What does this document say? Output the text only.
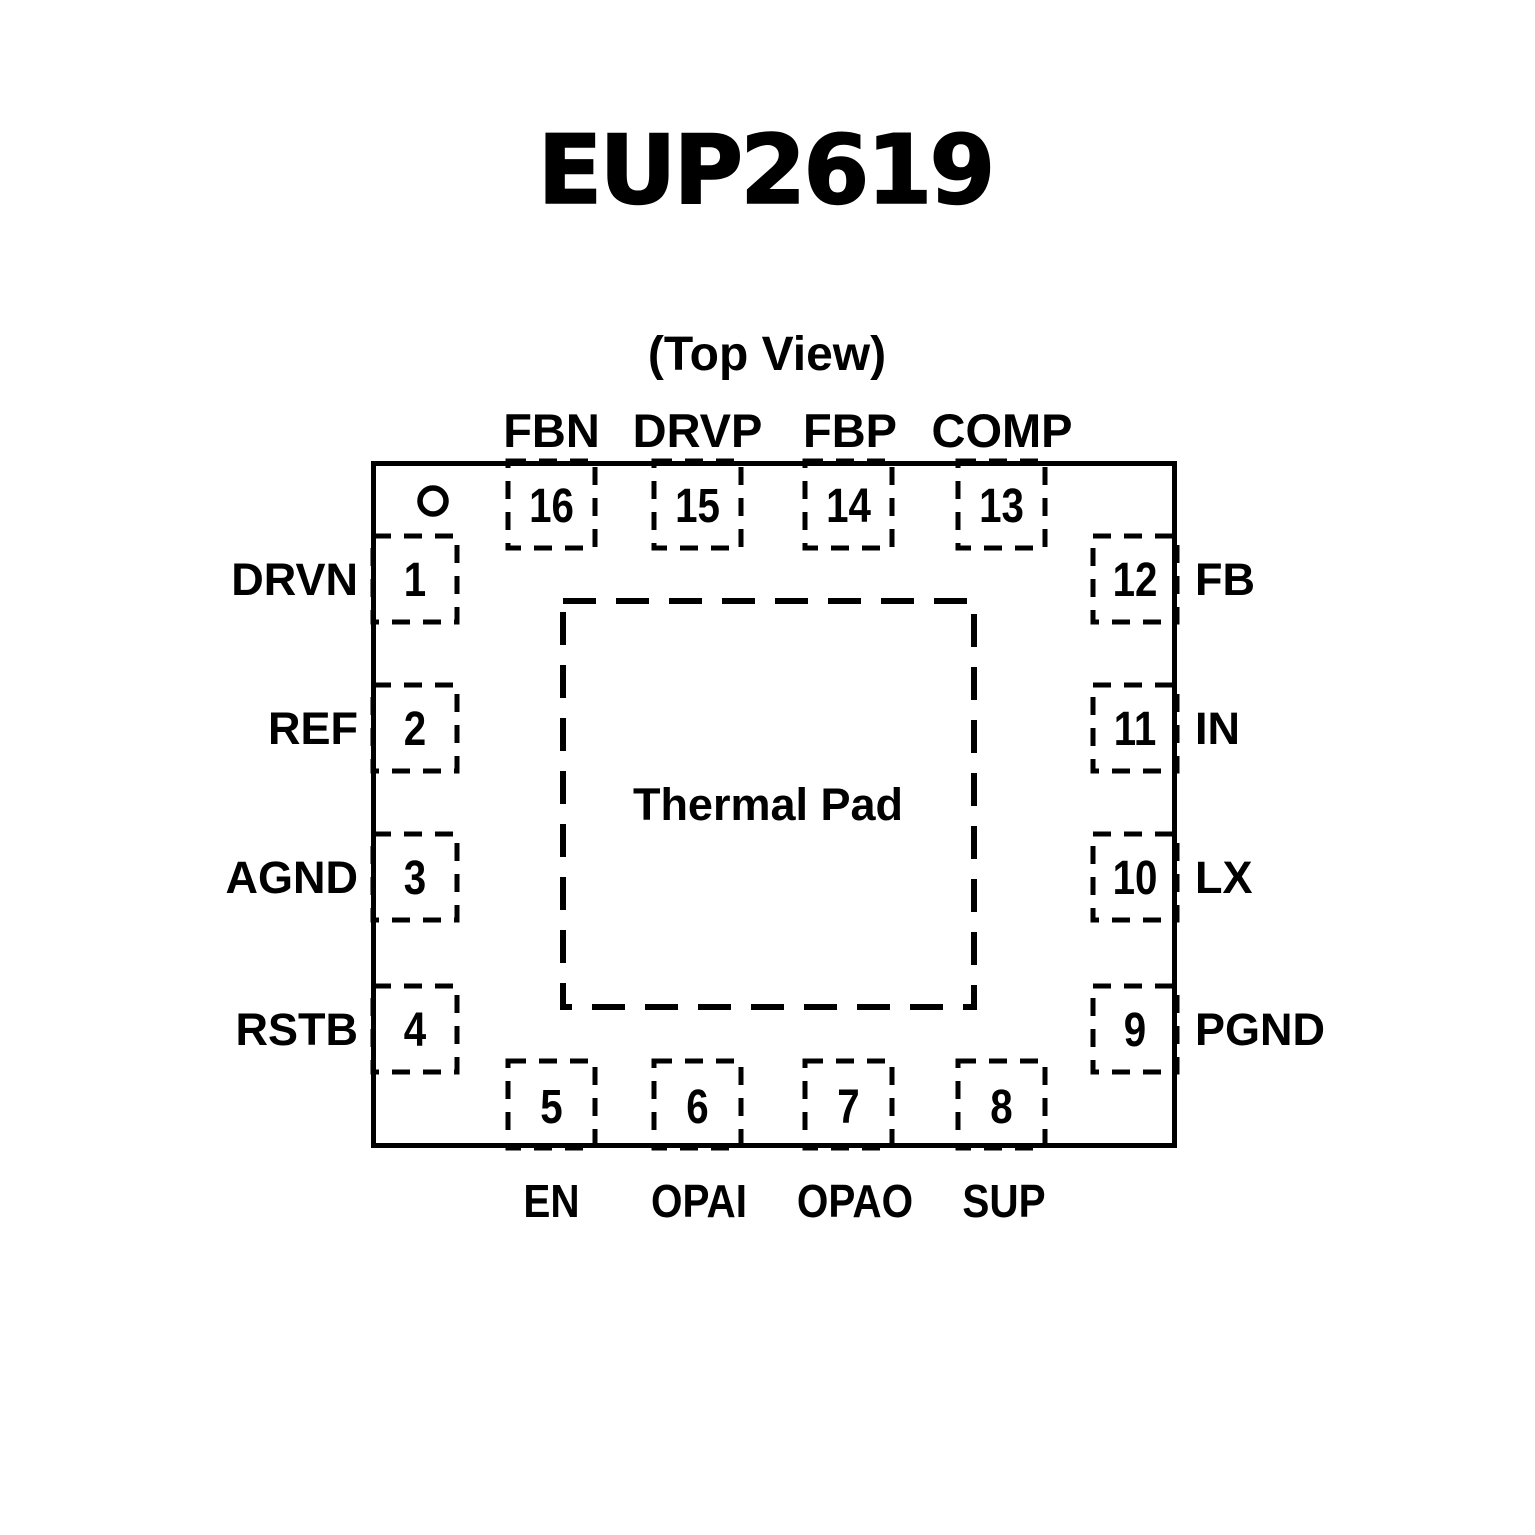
EUP2619
(Top View)
Thermal Pad
16
FBN
15
DRVP
14
FBP
13
COMP
1
DRVN
2
REF
3
AGND
4
RSTB
12 FB
11 IN
10 LX
9 PGND
5
EN
6
OPAI
7
OPAO
8
SUP
